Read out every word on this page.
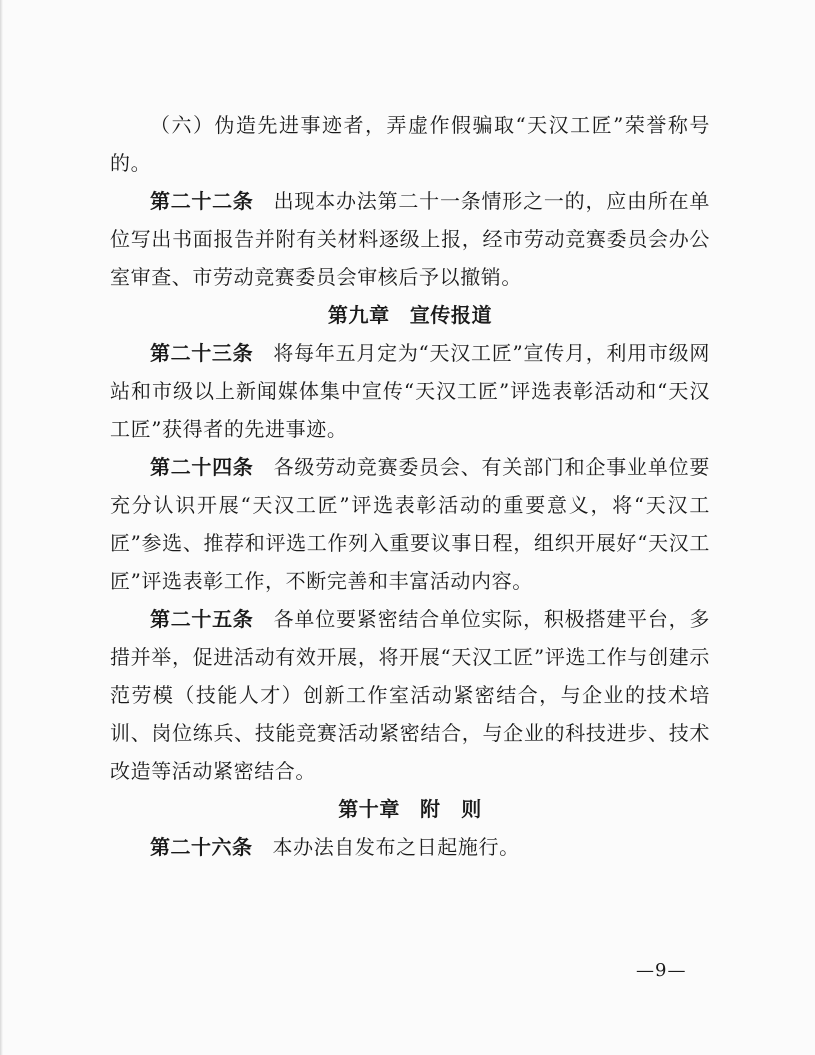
（六）伪造先进事迹者，弄虚作假骗取“天汉工匠”荣誉称号的。

第二十二条 出现本办法第二十一条情形之一的，应由所在单位写出书面报告并附有关材料逐级上报，经市劳动竞赛委员会办公室审查、市劳动竞赛委员会审核后予以撤销。

第九章 宣传报道

第二十三条 将每年五月定为“天汉工匠”宣传月，利用市级网站和市级以上新闻媒体集中宣传“天汉工匠”评选表彰活动和“天汉工匠”获得者的先进事迹。

第二十四条 各级劳动竞赛委员会、有关部门和企事业单位要充分认识开展“天汉工匠”评选表彰活动的重要意义，将“天汉工匠”参选、推荐和评选工作列入重要议事日程，组织开展好“天汉工匠”评选表彰工作，不断完善和丰富活动内容。

第二十五条 各单位要紧密结合单位实际，积极搭建平台，多措并举，促进活动有效开展，将开展“天汉工匠”评选工作与创建示范劳模（技能人才）创新工作室活动紧密结合，与企业的技术培训、岗位练兵、技能竞赛活动紧密结合，与企业的科技进步、技术改造等活动紧密结合。

第十章 附　则

第二十六条 本办法自发布之日起施行。

—9—
